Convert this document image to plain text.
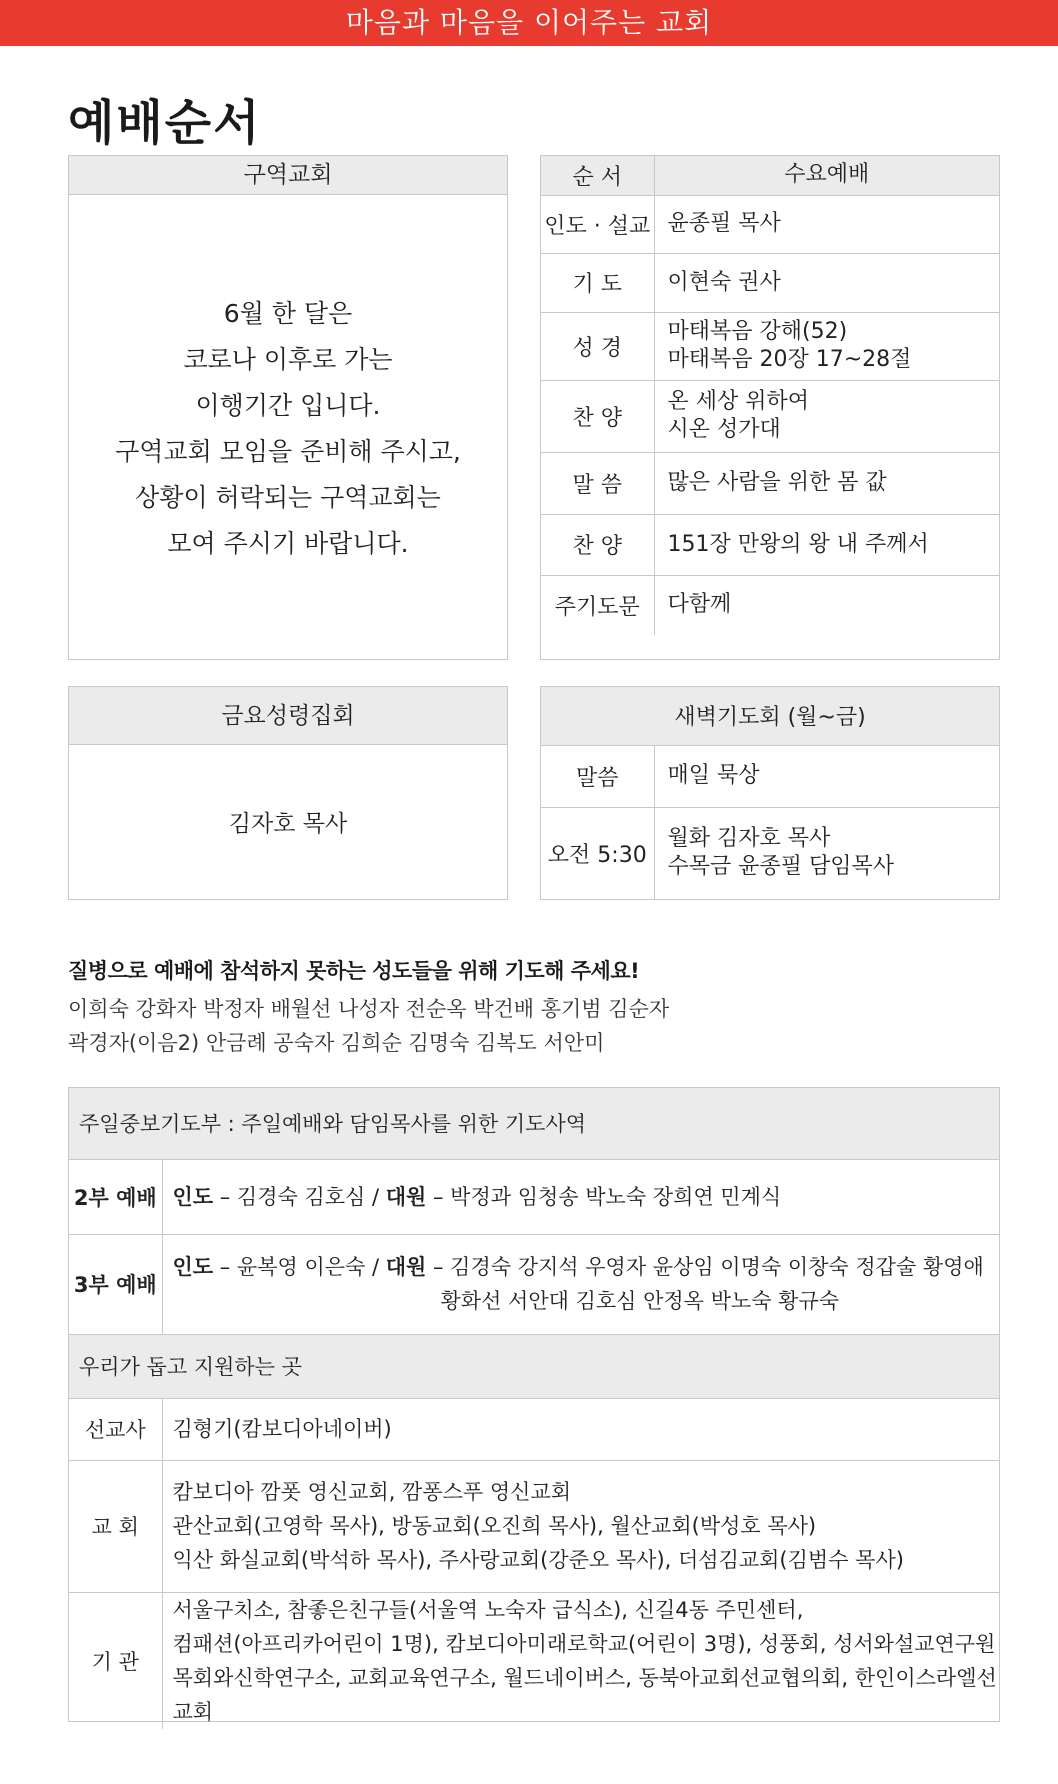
마음과 마음을 이어주는 교회
예배순서
구역교회
6월 한 달은
코로나 이후로 가는
이행기간 입니다.
구역교회 모임을 준비해 주시고,
상황이 허락되는 구역교회는
모여 주시기 바랍니다.
순 서	수요예배
인도 · 설교	윤종필 목사

기 도	이현숙 권사

성 경	마태복음 강해(52)
마태복음 20장 17~28절

찬 양	온 세상 위하여
시온 성가대

말 씀	많은 사람을 위한 몸 값

찬 양	151장 만왕의 왕 내 주께서

주기도문	다함께
금요성령집회
김자호 목사
새벽기도회 (월~금)	
말씀	매일 묵상

오전 5:30	월화 김자호 목사
수목금 윤종필 담임목사
질병으로 예배에 참석하지 못하는 성도들을 위해 기도해 주세요!
이희숙 강화자 박정자 배월선 나성자 전순옥 박건배 홍기범 김순자
곽경자(이음2) 안금례 공숙자 김희순 김명숙 김복도 서안미
주일중보기도부 : 주일예배와 담임목사를 위한 기도사역	
2부 예배	인도 – 김경숙 김호심 / 대원 – 박정과 임청송 박노숙 장희연 민계식
3부 예배	인도 – 윤복영 이은숙 / 대원 – 김경숙 강지석 우영자 윤상임 이명숙 이창숙 정갑술 황영애
황화선 서안대 김호심 안정옥 박노숙 황규숙

우리가 돕고 지원하는 곳	
선교사	김형기(캄보디아네이버)

교 회	캄보디아 깜폿 영신교회, 깜퐁스푸 영신교회
관산교회(고영학 목사), 방동교회(오진희 목사), 월산교회(박성호 목사)
익산 화실교회(박석하 목사), 주사랑교회(강준오 목사), 더섬김교회(김범수 목사)

기 관	서울구치소, 참좋은친구들(서울역 노숙자 급식소), 신길4동 주민센터,
컴패션(아프리카어린이 1명), 캄보디아미래로학교(어린이 3명), 성풍회, 성서와설교연구원
목회와신학연구소, 교회교육연구소, 월드네이버스, 동북아교회선교협의회, 한인이스라엘선교회
